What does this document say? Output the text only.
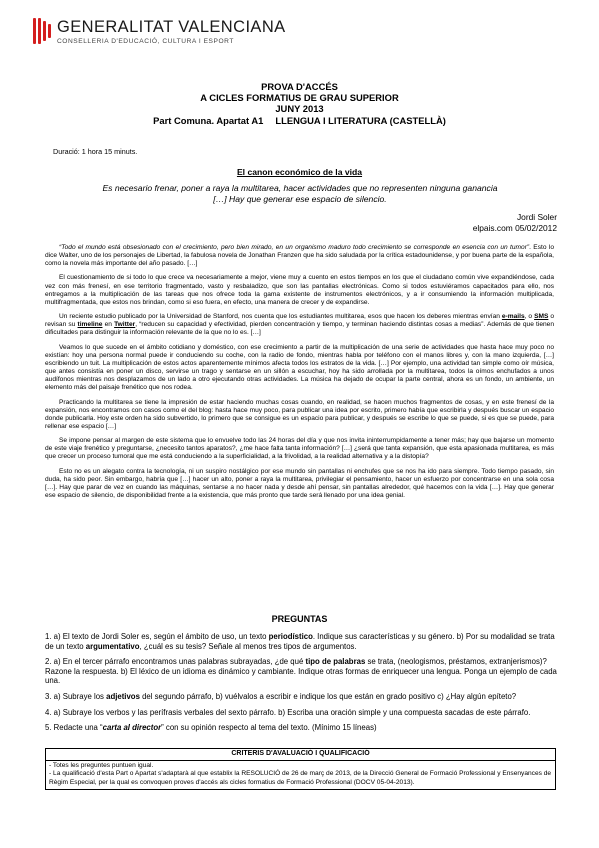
GENERALITAT VALENCIANA
CONSELLERIA D'EDUCACIÓ, CULTURA I ESPORT
PROVA D'ACCÉS
A CICLES FORMATIUS DE GRAU SUPERIOR
JUNY 2013
Part Comuna. Apartat A1 LLENGUA I LITERATURA (CASTELLÀ)
Duració: 1 hora 15 minuts.
El canon económico de la vida
Es necesario frenar, poner a raya la multitarea, hacer actividades que no representen ninguna ganancia
[…] Hay que generar ese espacio de silencio.
Jordi Soler
elpais.com 05/02/2012

“Todo el mundo está obsesionado con el crecimiento, pero bien mirado, en un organismo maduro todo crecimiento se corresponde en esencia con un tumor”. Esto lo dice Walter, uno de los personajes de Libertad, la fabulosa novela de Jonathan Franzen que ha sido saludada por la crítica estadounidense, y por buena parte de la española, como la novela más importante del año pasado. […]

El cuestionamiento de si todo lo que crece va necesariamente a mejor, viene muy a cuento en estos tiempos en los que el ciudadano común vive expandiéndose, cada vez con más frenesí, en ese territorio fragmentado, vasto y resbaladizo, que son las pantallas electrónicas. Como si todos estuviéramos capacitados para ello, nos entregamos a la multiplicación de las tareas que nos ofrece toda la gama existente de instrumentos electrónicos, y a ir consumiendo la información multiplicada, multifragmentada, que estos nos brindan, como si eso fuera, en efecto, una manera de crecer y de expandirse.

Un reciente estudio publicado por la Universidad de Stanford, nos cuenta que los estudiantes multitarea, esos que hacen los deberes mientras envían e-mails, o SMS o revisan su timeline en Twitter, “reducen su capacidad y efectividad, pierden concentración y tiempo, y terminan haciendo distintas cosas a medias”. Además de que tienen dificultades para distinguir la información relevante de la que no lo es. […]

Veamos lo que sucede en el ámbito cotidiano y doméstico, con ese crecimiento a partir de la multiplicación de una serie de actividades que hasta hace muy poco no existían: hoy una persona normal puede ir conduciendo su coche, con la radio de fondo, mientras habla por teléfono con el manos libres y, con la mano izquierda, […] escribiendo un tuit. La multiplicación de estos actos aparentemente mínimos afecta todos los estratos de la vida. […] Por ejemplo, una actividad tan simple como oír música, que antes consistía en poner un disco, servirse un trago y sentarse en un sillón a escuchar, hoy ha sido arrollada por la multitarea, todos la oímos enchufados a unos audífonos mientras nos desplazamos de un lado a otro ejecutando otras actividades. La música ha dejado de ocupar la parte central, ahora es un fondo, un ambiente, un elemento más del paisaje frenético que nos rodea.

Practicando la multitarea se tiene la impresión de estar haciendo muchas cosas cuando, en realidad, se hacen muchos fragmentos de cosas, y en este frenesí de la expansión, nos encontramos con casos como el del blog: hasta hace muy poco, para publicar una idea por escrito, primero había que escribirla y después buscar un espacio donde publicarla. Hoy este orden ha sido subvertido, lo primero que se consigue es un espacio para publicar, y después se escribe lo que se puede, si es que se puede, para rellenar ese espacio […]

Se impone pensar al margen de este sistema que lo envuelve todo las 24 horas del día y que nos invita ininterrumpidamente a tener más; hay que bajarse un momento de este viaje frenético y preguntarse, ¿necesito tantos aparatos?, ¿me hace falta tanta información? […] ¿será que tanta expansión, que esta apasionada multitarea, es más que crecer un proceso tumoral que me está conduciendo a la superficialidad, a la frivolidad, a la realidad alternativa y a la distopía?

Esto no es un alegato contra la tecnología, ni un suspiro nostálgico por ese mundo sin pantallas ni enchufes que se nos ha ido para siempre. Todo tiempo pasado, sin duda, ha sido peor. Sin embargo, habría que […] hacer un alto, poner a raya la multitarea, privilegiar el pensamiento, hacer un esfuerzo por concentrarse en una sola cosa […]. Hay que parar de vez en cuando las máquinas, sentarse a no hacer nada y desde ahí pensar, sin pantallas alrededor, qué hacemos con la vida […]. Hay que generar ese espacio de silencio, de disponibilidad frente a la existencia, que más pronto que tarde será llenado por una idea genial.

PREGUNTAS
1. a) El texto de Jordi Soler es, según el ámbito de uso, un texto periodístico. Indique sus características y su género. b) Por su modalidad se trata de un texto argumentativo, ¿cuál es su tesis? Señale al menos tres tipos de argumentos.
2. a) En el tercer párrafo encontramos unas palabras subrayadas, ¿de qué tipo de palabras se trata, (neologismos, préstamos, extranjerismos)? Razone la respuesta. b) El léxico de un idioma es dinámico y cambiante. Indique otras formas de enriquecer una lengua. Ponga un ejemplo de cada una.
3. a) Subraye los adjetivos del segundo párrafo, b) vuélvalos a escribir e indique los que están en grado positivo c) ¿Hay algún epíteto?
4. a) Subraye los verbos y las perífrasis verbales del sexto párrafo. b) Escriba una oración simple y una compuesta sacadas de este párrafo.
5. Redacte una “carta al director” con su opinión respecto al tema del texto. (Mínimo 15 líneas)
CRITERIS D'AVALUACIÓ I QUALIFICACIÓ
- Totes les preguntes puntuen igual.
- La qualificació d'esta Part o Apartat s'adaptarà al que establix la RESOLUCIÓ de 26 de març de 2013, de la Direcció General de Formació Professional y Ensenyances de Règim Especial, per la qual es convoquen proves d'accés als cicles formatius de Formació Professional (DOCV 05-04-2013).
